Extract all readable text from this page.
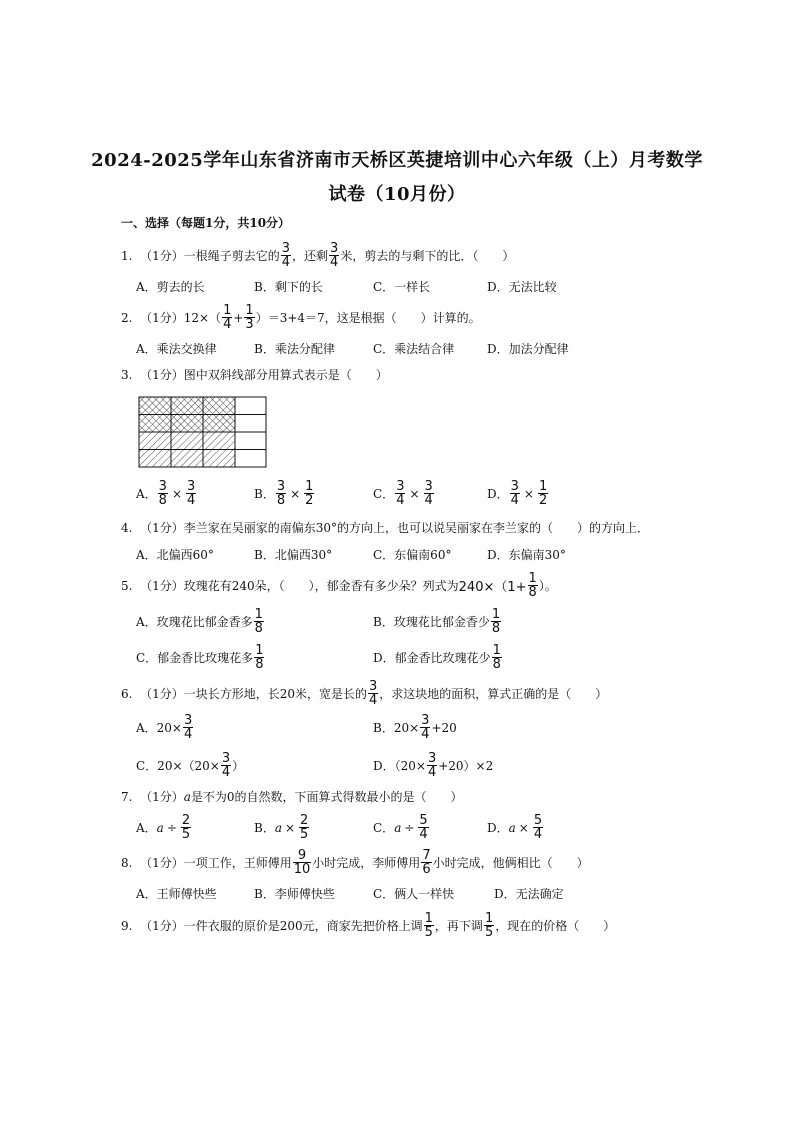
2024-2025学年山东省济南市天桥区英捷培训中心六年级（上）月考数学
试卷（10月份）
一、选择（每题1分，共10分）
1.
（1分） 一根绳子剪去它的 $\frac{3}{4}$ ，还剩 $\frac{3}{4}$ 米，剪去的与剩下的比．（　　）
A．剪去的长	B．剩下的长	C．一样长	D．无法比较
2.
（1分） $12\times( \frac{1}{4} + \frac{1}{3} )=3+4=7$，这是根据（　　）计算的。
A．乘法交换律	B．乘法分配律	C．乘法结合律	D．加法分配律
3.
（1分） 图中双斜线部分用算式表示是（　　）
A． $\frac{3}{8} \times \frac{3}{4}$	B． $\frac{3}{8} \times \frac{1}{2}$	C． $\frac{3}{4} \times \frac{3}{4}$	D． $\frac{3}{4} \times \frac{1}{2}$
4.
（1分） 李兰家在吴丽家的南偏东30°的方向上，也可以说吴丽家在李兰家的（　　）的方向上．
A．北偏西60°	B．北偏西30°	C．东偏南60°	D．东偏南30°
5.
（1分） 玫瑰花有240朵，（　　），郁金香有多少朵？列式为 $240\times(1+ \frac{1}{8}$ ）。
A．玫瑰花比郁金香多 $\frac{1}{8}$	B．玫瑰花比郁金香少 $\frac{1}{8}$
C．郁金香比玫瑰花多 $\frac{1}{8}$	D．郁金香比玫瑰花少 $\frac{1}{8}$
6.
（1分） 一块长方形地，长20米，宽是长的 $\frac{3}{4}$ ，求这块地的面积，算式正确的是（　　）
A．$20\times \frac{3}{4}$	B．$20\times \frac{3}{4} +20$
C．$20\times(20\times \frac{3}{4}$ ）	D．$(20\times \frac{3}{4} +20)\times 2$
7.
（1分） a 是不为0的自然数，下面算式得数最小的是（　　）
A． $a \div \frac{2}{5}$	B． $a \times \frac{2}{5}$	C． $a \div \frac{5}{4}$	D． $a \times \frac{5}{4}$
8.
（1分） 一项工作，王师傅用 $\frac{9}{10}$ 小时完成，李师傅用 $\frac{7}{6}$ 小时完成，他俩相比（　　）
A．王师傅快些	B．李师傅快些	C．俩人一样快	D．无法确定
9.
（1分） 一件衣服的原价是200元，商家先把价格上调 $\frac{1}{5}$ ，再下调 $\frac{1}{5}$ ，现在的价格（　　）
